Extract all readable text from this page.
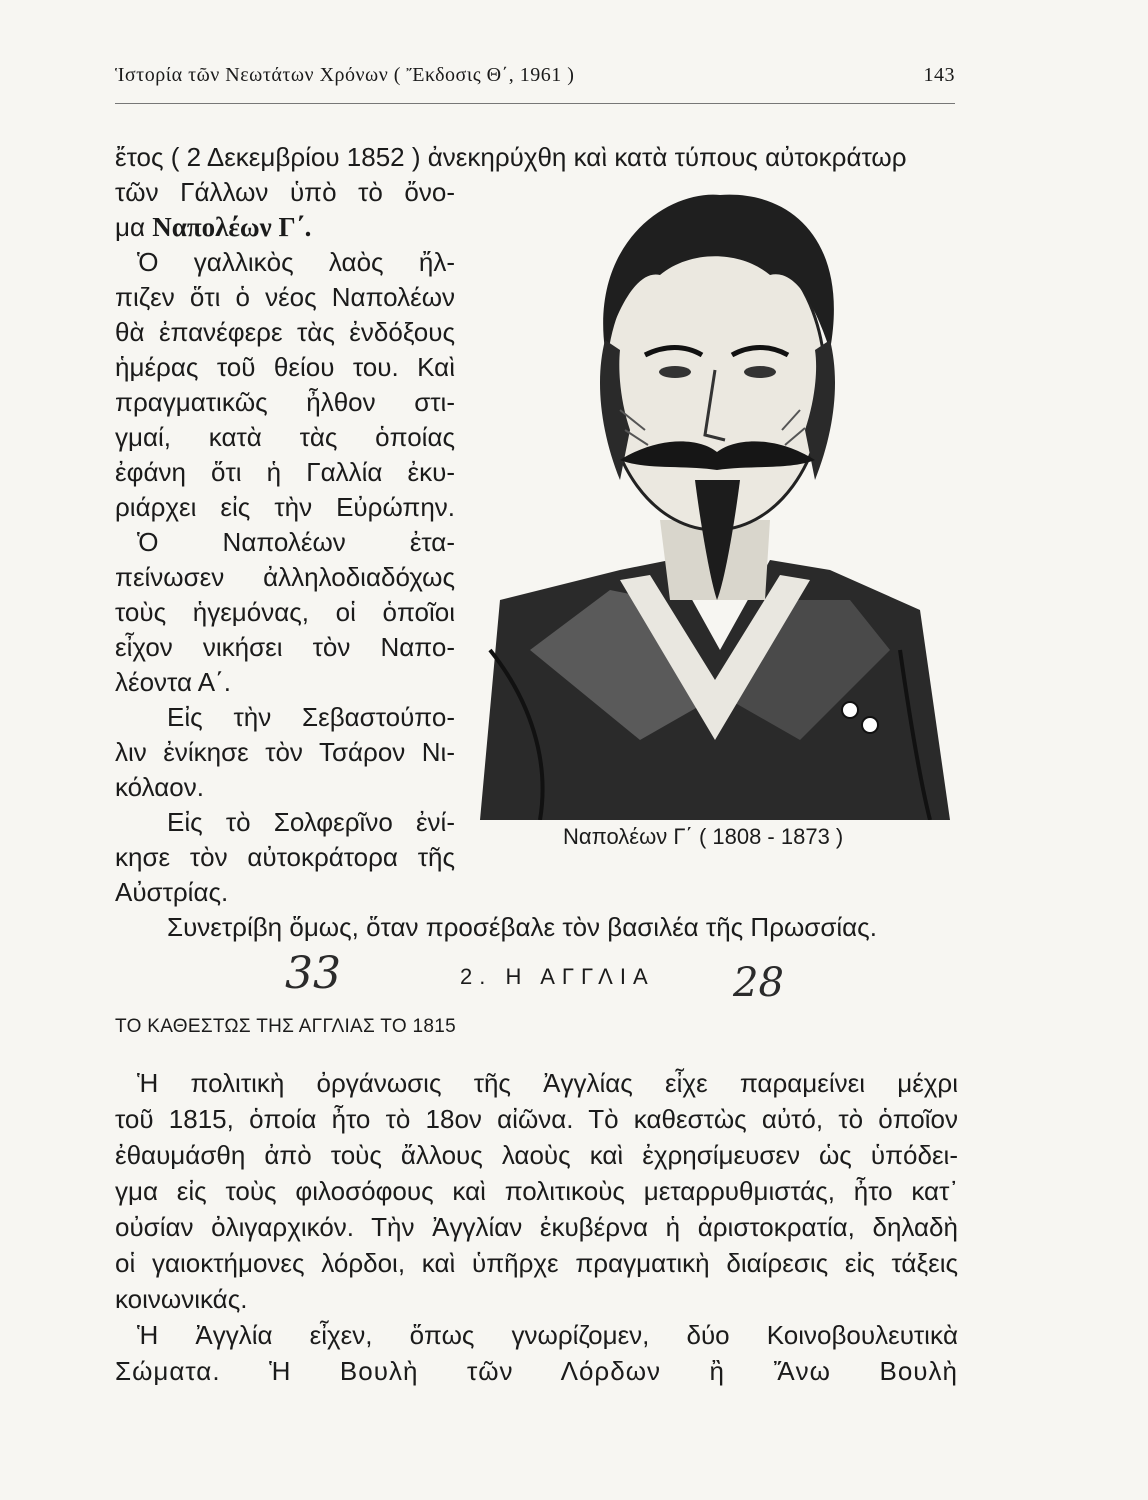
Ἱστορία τῶν Νεωτάτων Χρόνων ( Ἔκδοσις Θ΄, 1961 )	143
ἔτος ( 2 Δεκεμβρίου 1852 ) ἀνεκηρύχθη καὶ κατὰ τύπους αὐτοκράτωρ
τῶν Γάλλων ὑπὸ τὸ ὄνο-
μα Ναπολέων Γ΄.
Ὁ γαλλικὸς λαὸς ἤλ-
πιζεν ὅτι ὁ νέος Ναπολέων
θὰ ἐπανέφερε τὰς ἐνδόξους
ἡμέρας τοῦ θείου του. Καὶ
πραγματικῶς ἦλθον στι-
γμαί, κατὰ τὰς ὁποίας
ἐφάνη ὅτι ἡ Γαλλία ἐκυ-
ριάρχει εἰς τὴν Εὐρώπην.
Ὁ Ναπολέων ἐτα-
πείνωσεν ἀλληλοδιαδόχως
τοὺς ἡγεμόνας, οἱ ὁποῖοι
εἶχον νικήσει τὸν Ναπο-
λέοντα Α΄.
Εἰς τὴν Σεβαστούπο-
λιν ἐνίκησε τὸν Τσάρον Νι-
κόλαον.
Εἰς τὸ Σολφερῖνο ἐνί-
κησε τὸν αὐτοκράτορα τῆς
Αὐστρίας.
Συνετρίβη ὅμως, ὅταν προσέβαλε τὸν βασιλέα τῆς Πρωσσίας.
Ναπολέων Γ΄ ( 1808 - 1873 )
33	28
2. Η ΑΓΓΛΙΑ
ΤΟ ΚΑΘΕΣΤΩΣ ΤΗΣ ΑΓΓΛΙΑΣ ΤΟ 1815
Ἡ πολιτικὴ ὀργάνωσις τῆς Ἀγγλίας εἶχε παραμείνει μέχρι
τοῦ 1815, ὁποία ἦτο τὸ 18ον αἰῶνα. Τὸ καθεστὼς αὐτό, τὸ ὁποῖον
ἐθαυμάσθη ἀπὸ τοὺς ἄλλους λαοὺς καὶ ἐχρησίμευσεν ὡς ὑπόδει-
γμα εἰς τοὺς φιλοσόφους καὶ πολιτικοὺς μεταρρυθμιστάς, ἦτο κατ᾽
οὐσίαν ὀλιγαρχικόν. Τὴν Ἀγγλίαν ἐκυβέρνα ἡ ἀριστοκρατία, δηλαδὴ
οἱ γαιοκτήμονες λόρδοι, καὶ ὑπῆρχε πραγματικὴ διαίρεσις εἰς τάξεις
κοινωνικάς.
Ἡ Ἀγγλία εἶχεν, ὅπως γνωρίζομεν, δύο Κοινοβουλευτικὰ
Σώματα. Ἡ Βουλὴ τῶν Λόρδων ἢ Ἄνω Βουλὴ
